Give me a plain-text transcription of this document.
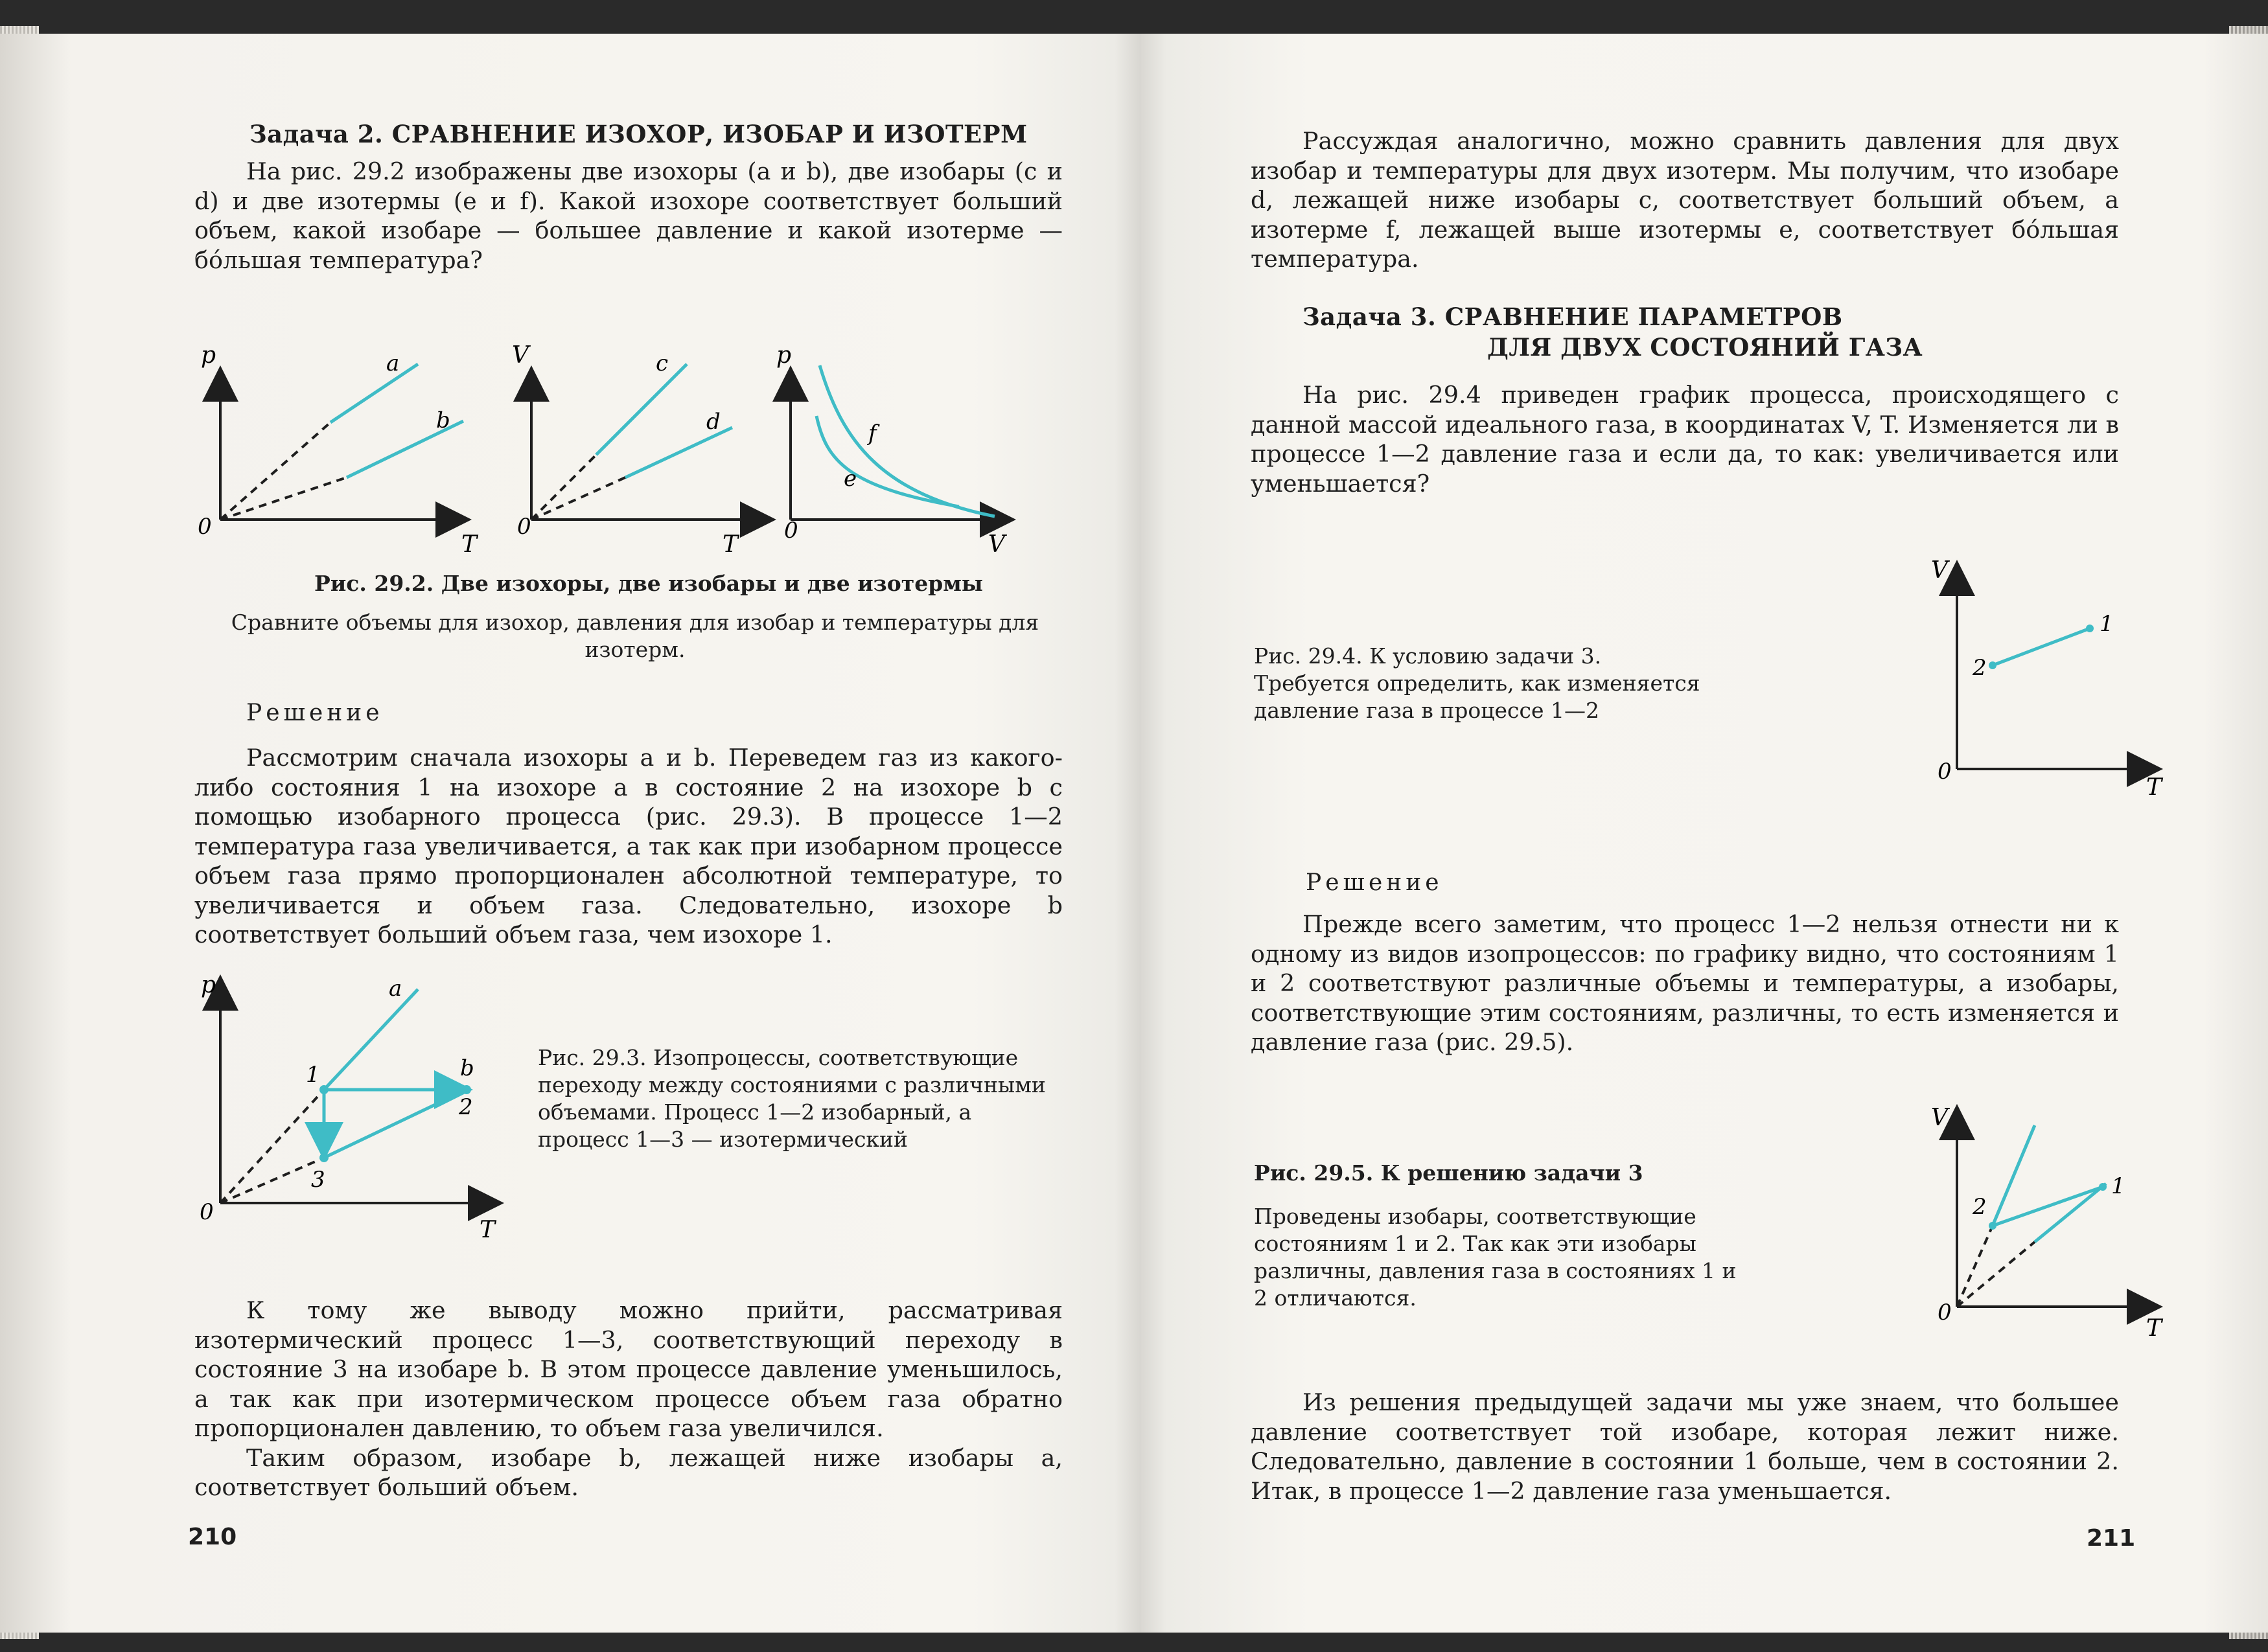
Задача 2. СРАВНЕНИЕ ИЗОХОР, ИЗОБАР И ИЗОТЕРМ

На рис. 29.2 изображены две изохоры (a и b), две изобары (c и d) и две изотермы (e и f). Какой изохоре соответствует больший объем, какой изобаре — большее давление и какой изотерме — бóльшая температура?

p
T
0
a
b
V
T
0
c
d
p
V
0
f
e
Рис. 29.2. Две изохоры, две изобары и две изотермы
Сравните объемы для изохор, давления для изобар и температуры для изотерм.
Решение

Рассмотрим сначала изохоры a и b. Переведем газ из какого-либо состояния 1 на изохоре a в состояние 2 на изохоре b с помощью изобарного процесса (рис. 29.3). В процессе 1—2 температура газа увеличивается, а так как при изобарном процессе объем газа прямо пропорционален абсолютной температуре, то увеличивается и объем газа. Следовательно, изохоре b соответствует больший объем газа, чем изохоре 1.

p
T
0
a
b
1
2
3
Рис. 29.3. Изопроцессы, соответствующие переходу между состояниями с различными объемами. Процесс 1—2 изобарный, а процесс 1—3 — изотермический

К тому же выводу можно прийти, рассматривая изотермический процесс 1—3, соответствующий переходу в состояние 3 на изобаре b. В этом процессе давление уменьшилось, а так как при изотермическом процессе объем газа обратно пропорционален давлению, то объем газа увеличился.

Таким образом, изобаре b, лежащей ниже изобары a, соответствует больший объем.

210

Рассуждая аналогично, можно сравнить давления для двух изобар и температуры для двух изотерм. Мы получим, что изобаре d, лежащей ниже изобары c, соответствует больший объем, а изотерме f, лежащей выше изотермы e, соответствует бóльшая температура.

Задача 3. СРАВНЕНИЕ ПАРАМЕТРОВ
ДЛЯ ДВУХ СОСТОЯНИЙ ГАЗА

На рис. 29.4 приведен график процесса, происходящего с данной массой идеального газа, в координатах V, T. Изменяется ли в процессе 1—2 давление газа и если да, то как: увеличивается или уменьшается?

Рис. 29.4. К условию задачи 3. Требуется определить, как изменяется давление газа в процессе 1—2
V
T
0
1
2
Решение

Прежде всего заметим, что процесс 1—2 нельзя отнести ни к одному из видов изопроцессов: по графику видно, что состояниям 1 и 2 соответствуют различные объемы и температуры, а изобары, соответствующие этим состояниям, различны, то есть изменяется и давление газа (рис. 29.5).

Рис. 29.5. К решению задачи 3
Проведены изобары, соответствующие состояниям 1 и 2. Так как эти изобары различны, давления газа в состояниях 1 и 2 отличаются.
V
T
0
1
2

Из решения предыдущей задачи мы уже знаем, что большее давление соответствует той изобаре, которая лежит ниже. Следовательно, давление в состоянии 1 больше, чем в состоянии 2. Итак, в процессе 1—2 давление газа уменьшается.

211
